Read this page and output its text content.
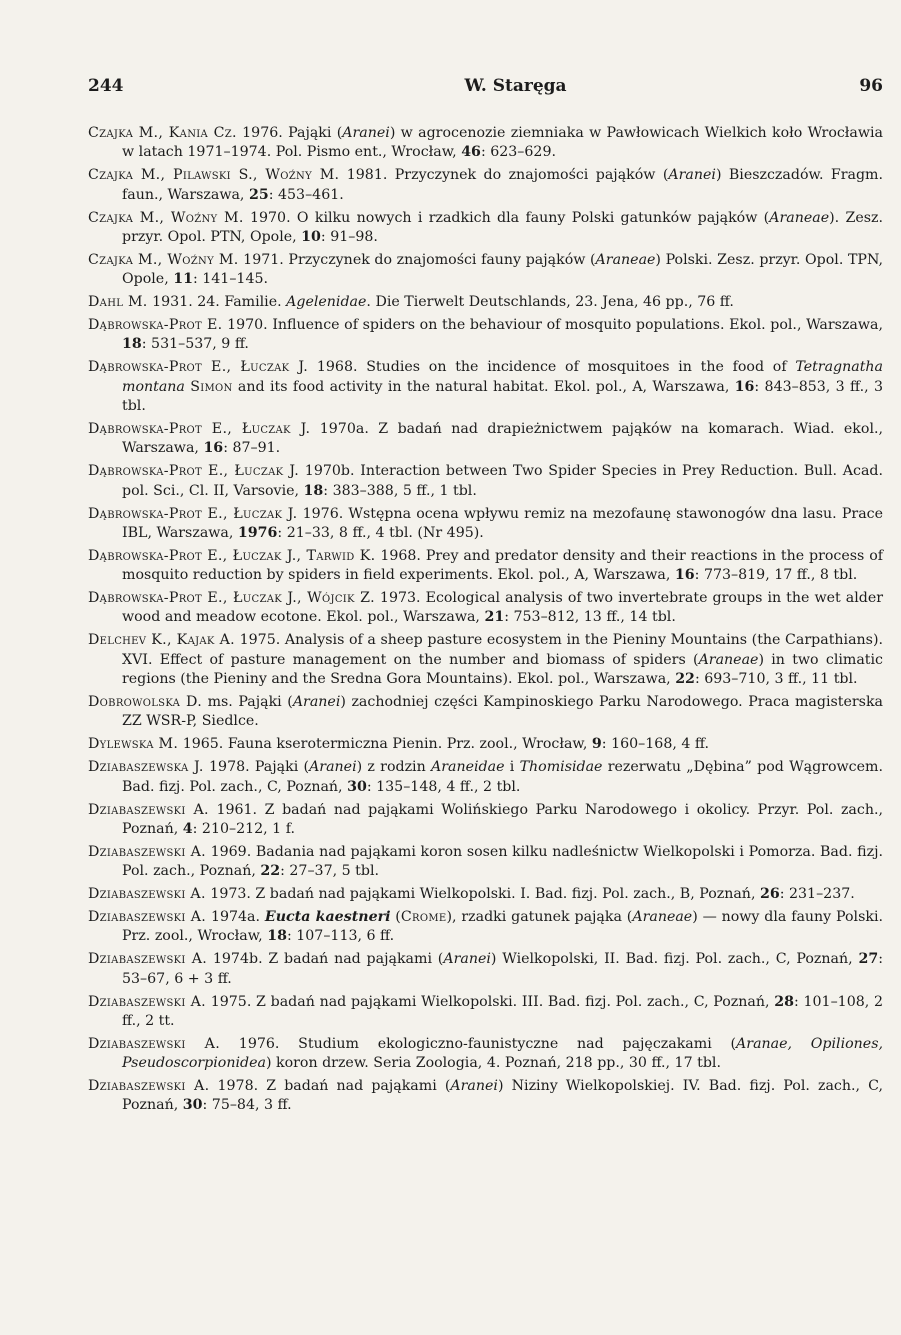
244	W. Staręga	96
Czajka M., Kania Cz. 1976. Pająki (Aranei) w agrocenozie ziemniaka w Pawłowicach Wielkich koło Wrocławia w latach 1971–1974. Pol. Pismo ent., Wrocław, 46: 623–629.
Czajka M., Pilawski S., Woźny M. 1981. Przyczynek do znajomości pająków (Aranei) Bieszczadów. Fragm. faun., Warszawa, 25: 453–461.
Czajka M., Woźny M. 1970. O kilku nowych i rzadkich dla fauny Polski gatunków pająków (Araneae). Zesz. przyr. Opol. PTN, Opole, 10: 91–98.
Czajka M., Woźny M. 1971. Przyczynek do znajomości fauny pająków (Araneae) Polski. Zesz. przyr. Opol. TPN, Opole, 11: 141–145.
Dahl M. 1931. 24. Familie. Agelenidae. Die Tierwelt Deutschlands, 23. Jena, 46 pp., 76 ff.
Dąbrowska-Prot E. 1970. Influence of spiders on the behaviour of mosquito populations. Ekol. pol., Warszawa, 18: 531–537, 9 ff.
Dąbrowska-Prot E., Łuczak J. 1968. Studies on the incidence of mosquitoes in the food of Tetragnatha montana Simon and its food activity in the natural habitat. Ekol. pol., A, Warszawa, 16: 843–853, 3 ff., 3 tbl.
Dąbrowska-Prot E., Łuczak J. 1970a. Z badań nad drapieżnictwem pająków na komarach. Wiad. ekol., Warszawa, 16: 87–91.
Dąbrowska-Prot E., Łuczak J. 1970b. Interaction between Two Spider Species in Prey Reduction. Bull. Acad. pol. Sci., Cl. II, Varsovie, 18: 383–388, 5 ff., 1 tbl.
Dąbrowska-Prot E., Łuczak J. 1976. Wstępna ocena wpływu remiz na mezofaunę stawonogów dna lasu. Prace IBL, Warszawa, 1976: 21–33, 8 ff., 4 tbl. (Nr 495).
Dąbrowska-Prot E., Łuczak J., Tarwid K. 1968. Prey and predator density and their reactions in the process of mosquito reduction by spiders in field experiments. Ekol. pol., A, Warszawa, 16: 773–819, 17 ff., 8 tbl.
Dąbrowska-Prot E., Łuczak J., Wójcik Z. 1973. Ecological analysis of two invertebrate groups in the wet alder wood and meadow ecotone. Ekol. pol., Warszawa, 21: 753–812, 13 ff., 14 tbl.
Delchev K., Kajak A. 1975. Analysis of a sheep pasture ecosystem in the Pieniny Mountains (the Carpathians). XVI. Effect of pasture management on the number and biomass of spiders (Araneae) in two climatic regions (the Pieniny and the Sredna Gora Mountains). Ekol. pol., Warszawa, 22: 693–710, 3 ff., 11 tbl.
Dobrowolska D. ms. Pająki (Aranei) zachodniej części Kampinoskiego Parku Narodowego. Praca magisterska ZZ WSR-P, Siedlce.
Dylewska M. 1965. Fauna kserotermiczna Pienin. Prz. zool., Wrocław, 9: 160–168, 4 ff.
Dziabaszewska J. 1978. Pająki (Aranei) z rodzin Araneidae i Thomisidae rezerwatu „Dębina” pod Wągrowcem. Bad. fizj. Pol. zach., C, Poznań, 30: 135–148, 4 ff., 2 tbl.
Dziabaszewski A. 1961. Z badań nad pająkami Wolińskiego Parku Narodowego i okolicy. Przyr. Pol. zach., Poznań, 4: 210–212, 1 f.
Dziabaszewski A. 1969. Badania nad pająkami koron sosen kilku nadleśnictw Wielkopolski i Pomorza. Bad. fizj. Pol. zach., Poznań, 22: 27–37, 5 tbl.
Dziabaszewski A. 1973. Z badań nad pająkami Wielkopolski. I. Bad. fizj. Pol. zach., B, Poznań, 26: 231–237.
Dziabaszewski A. 1974a. Eucta kaestneri (Crome), rzadki gatunek pająka (Araneae) — nowy dla fauny Polski. Prz. zool., Wrocław, 18: 107–113, 6 ff.
Dziabaszewski A. 1974b. Z badań nad pająkami (Aranei) Wielkopolski, II. Bad. fizj. Pol. zach., C, Poznań, 27: 53–67, 6 + 3 ff.
Dziabaszewski A. 1975. Z badań nad pająkami Wielkopolski. III. Bad. fizj. Pol. zach., C, Poznań, 28: 101–108, 2 ff., 2 tt.
Dziabaszewski A. 1976. Studium ekologiczno-faunistyczne nad pajęczakami (Aranae, Opiliones, Pseudoscorpionidea) koron drzew. Seria Zoologia, 4. Poznań, 218 pp., 30 ff., 17 tbl.
Dziabaszewski A. 1978. Z badań nad pająkami (Aranei) Niziny Wielkopolskiej. IV. Bad. fizj. Pol. zach., C, Poznań, 30: 75–84, 3 ff.
